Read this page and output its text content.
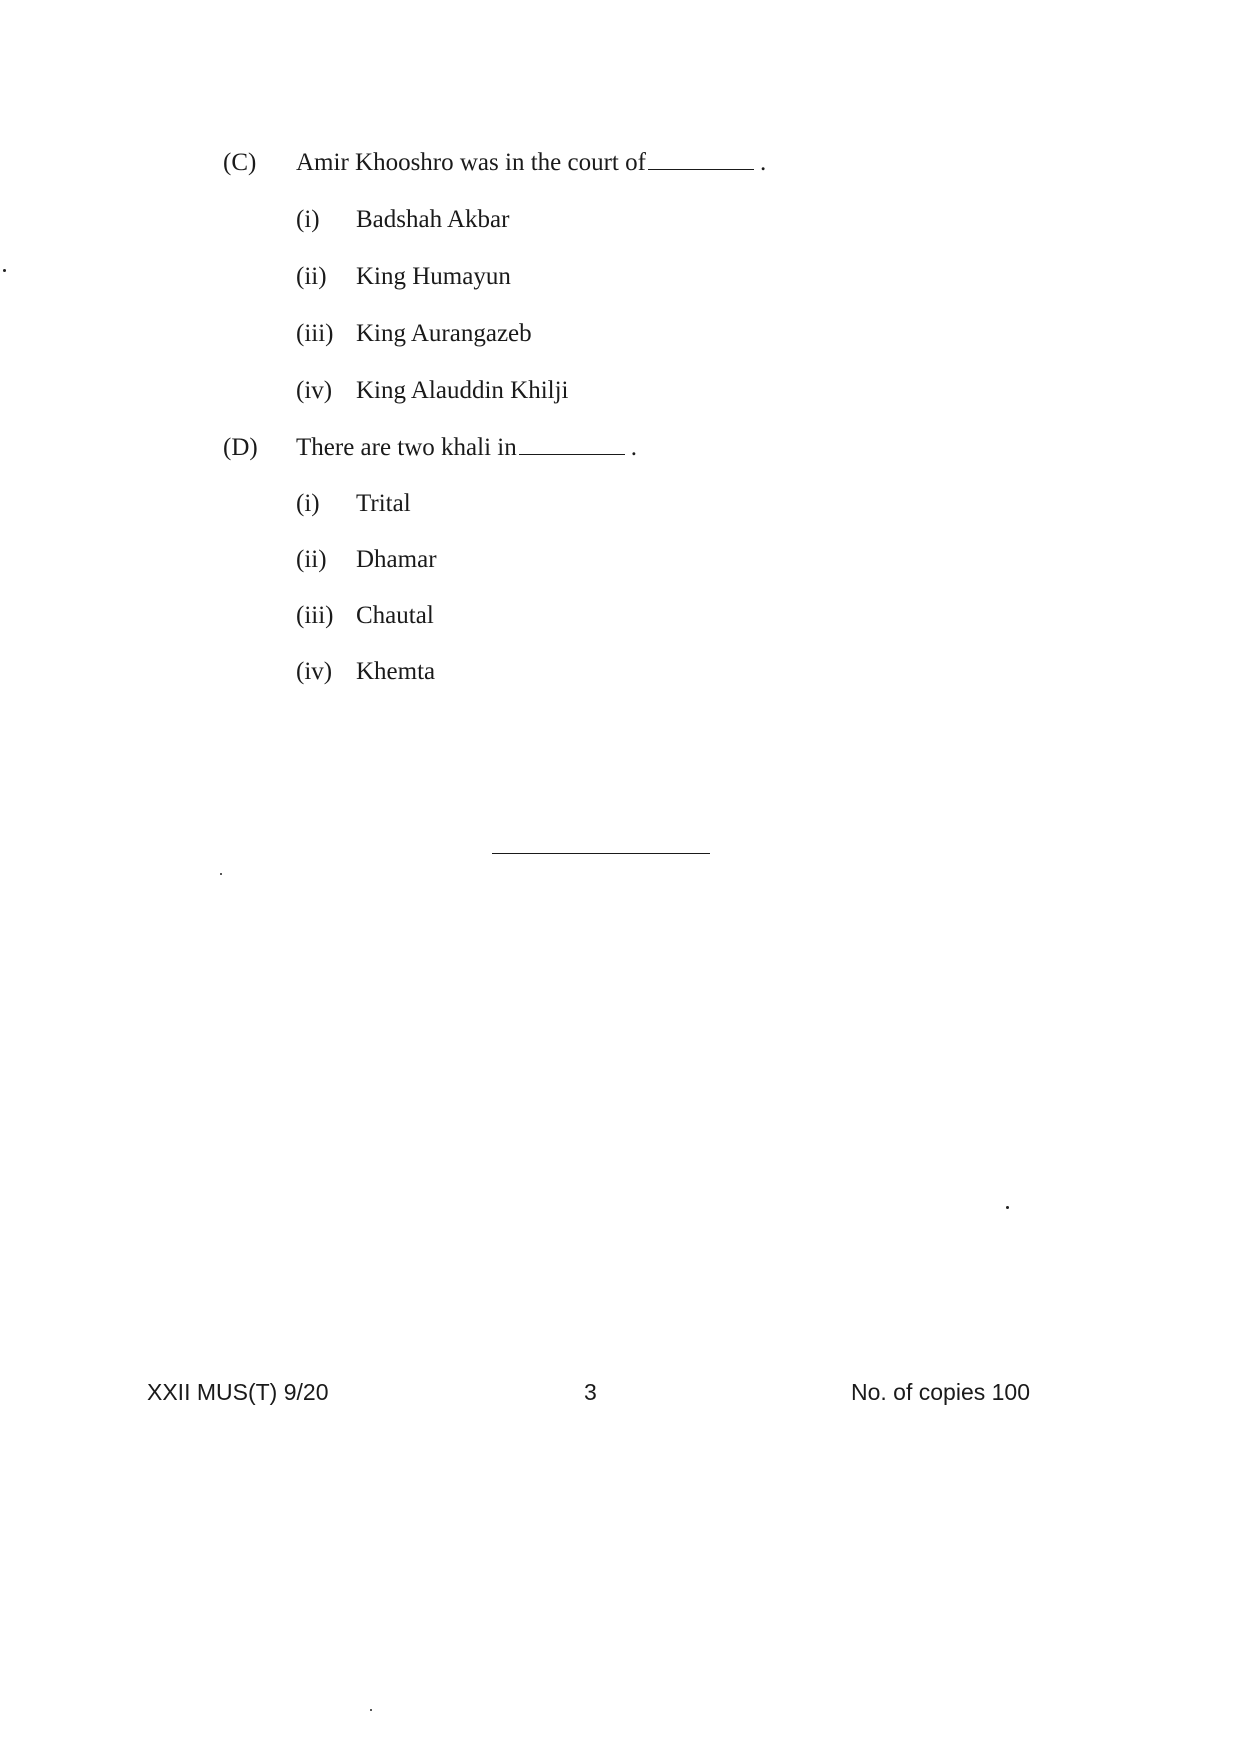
(C) Amir Khooshro was in the court of	.
(i) Badshah Akbar
(ii) King Humayun
(iii) King Aurangazeb
(iv) King Alauddin Khilji
(D) There are two khali in	.
(i) Trital
(ii) Dhamar
(iii) Chautal
(iv) Khemta
XXII MUS(T) 9/20	3	No. of copies 100
